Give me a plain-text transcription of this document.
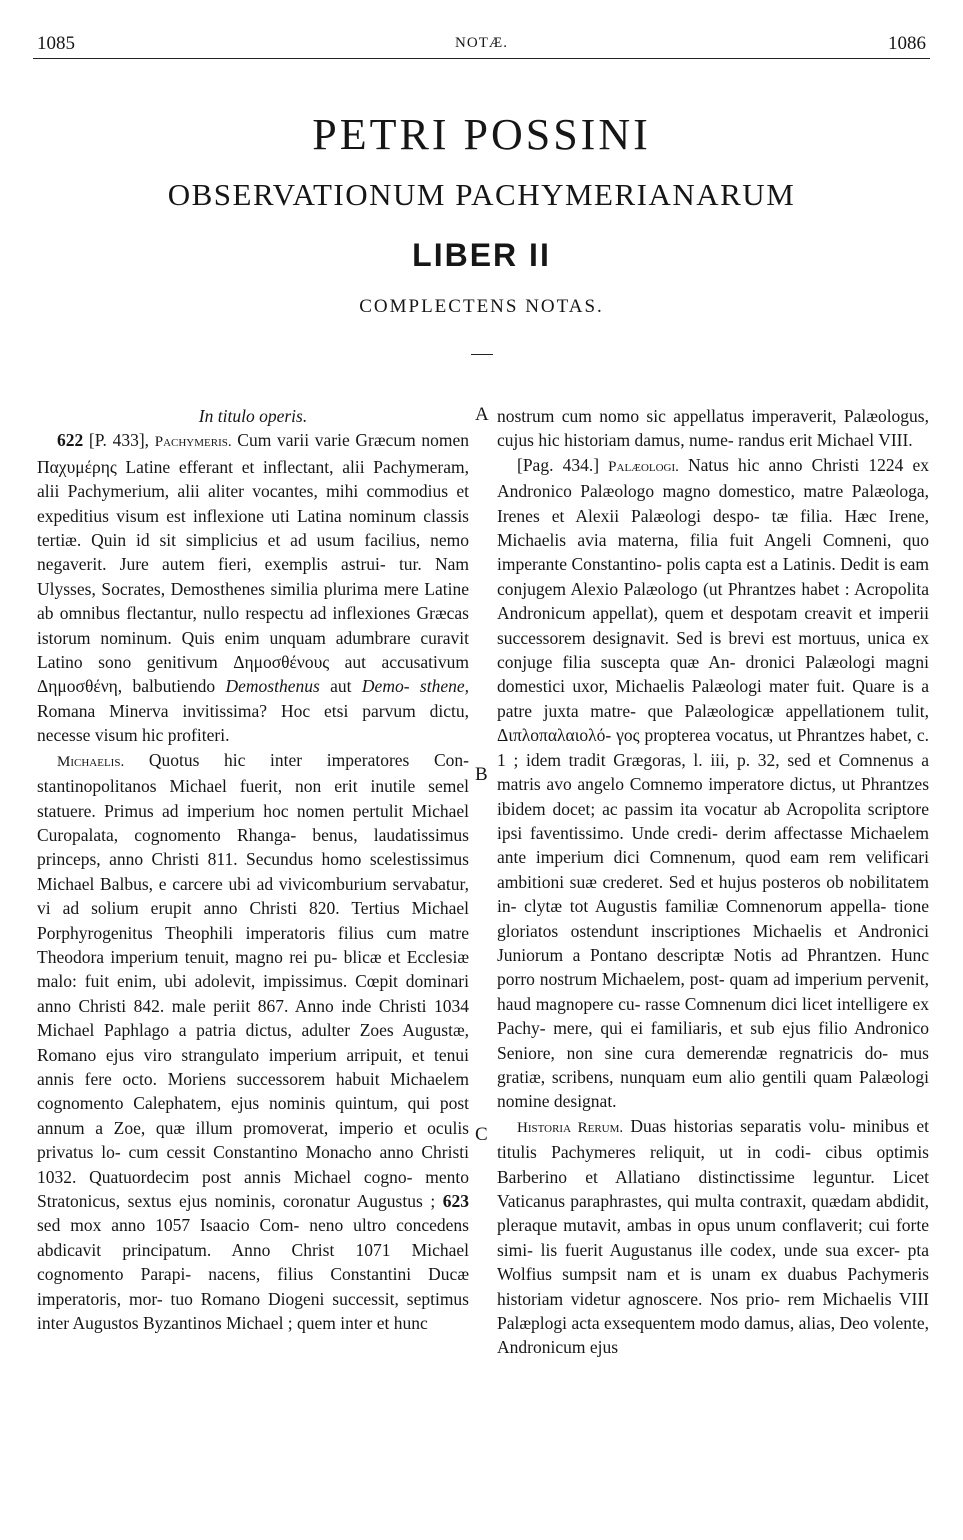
1085	NOTÆ.	1086
PETRI POSSINI
OBSERVATIONUM PACHYMERIANARUM
LIBER II
COMPLECTENS NOTAS.

In titulo operis.

622 [P. 433], Pachymeris. Cum varii varie Græcum nomen Παχυμέρης Latine efferant et inflectant, alii Pachymeram, alii Pachymerium, alii aliter vocantes, mihi commodius et expeditius visum est inflexione uti Latina nominum classis tertiæ. Quin id sit simplicius et ad usum facilius, nemo negaverit. Jure autem fieri, exemplis astrui- tur. Nam Ulysses, Socrates, Demosthenes similia plurima mere Latine ab omnibus flectantur, nullo respectu ad inflexiones Græcas istorum nominum. Quis enim unquam adumbrare curavit Latino sono genitivum Δημοσθένους aut accusativum Δημοσθένη, balbutiendo Demosthenus aut Demo- sthene, Romana Minerva invitissima? Hoc etsi parvum dictu, necesse visum hic profiteri.

Michaelis. Quotus hic inter imperatores Con- stantinopolitanos Michael fuerit, non erit inutile semel statuere. Primus ad imperium hoc nomen pertulit Michael Curopalata, cognomento Rhanga- benus, laudatissimus princeps, anno Christi 811. Secundus homo scelestissimus Michael Balbus, e carcere ubi ad vivicomburium servabatur, vi ad solium erupit anno Christi 820. Tertius Michael Porphyrogenitus Theophili imperatoris filius cum matre Theodora imperium tenuit, magno rei pu- blicæ et Ecclesiæ malo: fuit enim, ubi adolevit, impissimus. Cœpit dominari anno Christi 842. male periit 867. Anno inde Christi 1034 Michael Paphlago a patria dictus, adulter Zoes Augustæ, Romano ejus viro strangulato imperium arripuit, et tenui annis fere octo. Moriens successorem habuit Michaelem cognomento Calephatem, ejus nominis quintum, qui post annum a Zoe, quæ illum promoverat, imperio et oculis privatus lo- cum cessit Constantino Monacho anno Christi 1032. Quatuordecim post annis Michael cogno- mento Stratonicus, sextus ejus nominis, coronatur Augustus ; 623 sed mox anno 1057 Isaacio Com- neno ultro concedens abdicavit principatum. Anno Christ 1071 Michael cognomento Parapi- nacens, filius Constantini Ducæ imperatoris, mor- tuo Romano Diogeni successit, septimus inter Augustos Byzantinos Michael ; quem inter et hunc

A
B
C

nostrum cum nomo sic appellatus imperaverit, Palæologus, cujus hic historiam damus, nume- randus erit Michael VIII.

[Pag. 434.] Palæologi. Natus hic anno Christi 1224 ex Andronico Palæologo magno domestico, matre Palæologa, Irenes et Alexii Palæologi despo- tæ filia. Hæc Irene, Michaelis avia materna, filia fuit Angeli Comneni, quo imperante Constantino- polis capta est a Latinis. Dedit is eam conjugem Alexio Palæologo (ut Phrantzes habet : Acropolita Andronicum appellat), quem et despotam creavit et imperii successorem designavit. Sed is brevi est mortuus, unica ex conjuge filia suscepta quæ An- dronici Palæologi magni domestici uxor, Michaelis Palæologi mater fuit. Quare is a patre juxta matre- que Palæologicæ appellationem tulit, Διπλοπαλαιολό- γος propterea vocatus, ut Phrantzes habet, c. 1 ; idem tradit Grægoras, l. iii, p. 32, sed et Comnenus a matris avo angelo Comnemo imperatore dictus, ut Phrantzes ibidem docet; ac passim ita vocatur ab Acropolita scriptore ipsi faventissimo. Unde credi- derim affectasse Michaelem ante imperium dici Comnenum, quod eam rem velificari ambitioni suæ crederet. Sed et hujus posteros ob nobilitatem in- clytæ tot Augustis familiæ Comnenorum appella- tione gloriatos ostendunt inscriptiones Michaelis et Andronici Juniorum a Pontano descriptæ Notis ad Phrantzen. Hunc porro nostrum Michaelem, post- quam ad imperium pervenit, haud magnopere cu- rasse Comnenum dici licet intelligere ex Pachy- mere, qui ei familiaris, et sub ejus filio Andronico Seniore, non sine cura demerendæ regnatricis do- mus gratiæ, scribens, nunquam eum alio gentili quam Palæologi nomine designat.

Historia Rerum. Duas historias separatis volu- minibus et titulis Pachymeres reliquit, ut in codi- cibus optimis Barberino et Allatiano distinctissime leguntur. Licet Vaticanus paraphrastes, qui multa contraxit, quædam abdidit, pleraque mutavit, ambas in opus unum conflaverit; cui forte simi- lis fuerit Augustanus ille codex, unde sua excer- pta Wolfius sumpsit nam et is unam ex duabus Pachymeris historiam videtur agnoscere. Nos prio- rem Michaelis VIII Palæplogi acta exsequentem modo damus, alias, Deo volente, Andronicum ejus
